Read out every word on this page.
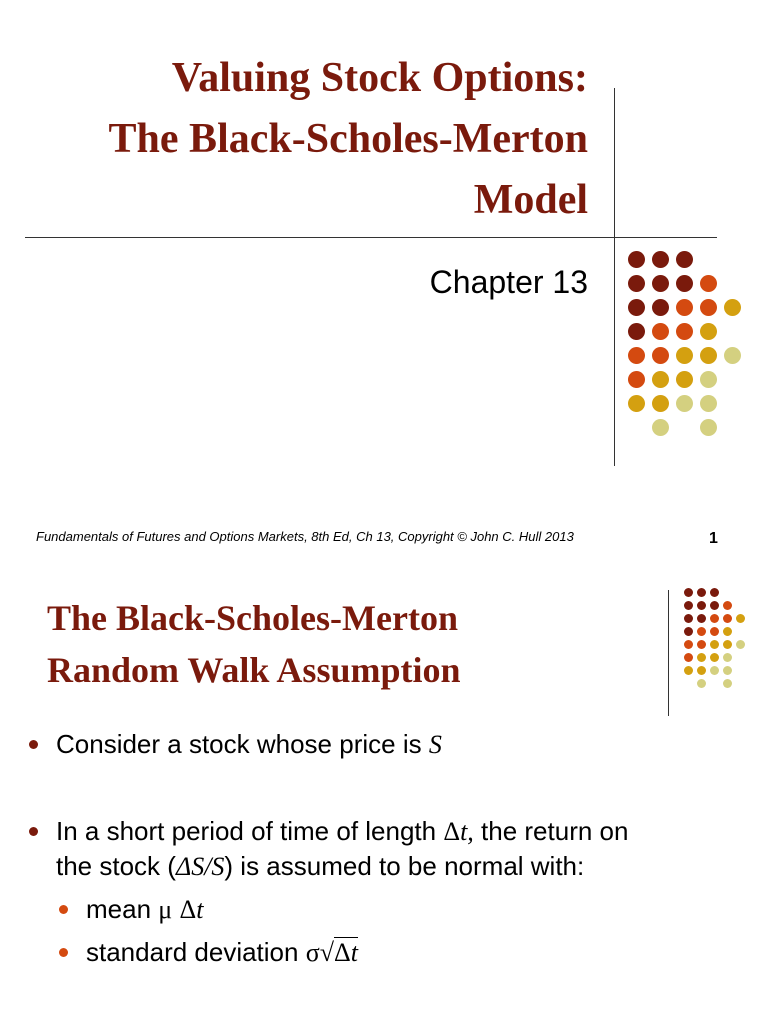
Valuing Stock Options:
The Black-Scholes-Merton
Model
Chapter 13
Fundamentals of Futures and Options Markets, 8th Ed, Ch 13, Copyright © John C. Hull 2013	1
The Black-Scholes-Merton
Random Walk Assumption
Consider a stock whose price is S
In a short period of time of length Δt, the return on
the stock (ΔS/S) is assumed to be normal with:
mean μ Δt
standard deviation σ√Δt
